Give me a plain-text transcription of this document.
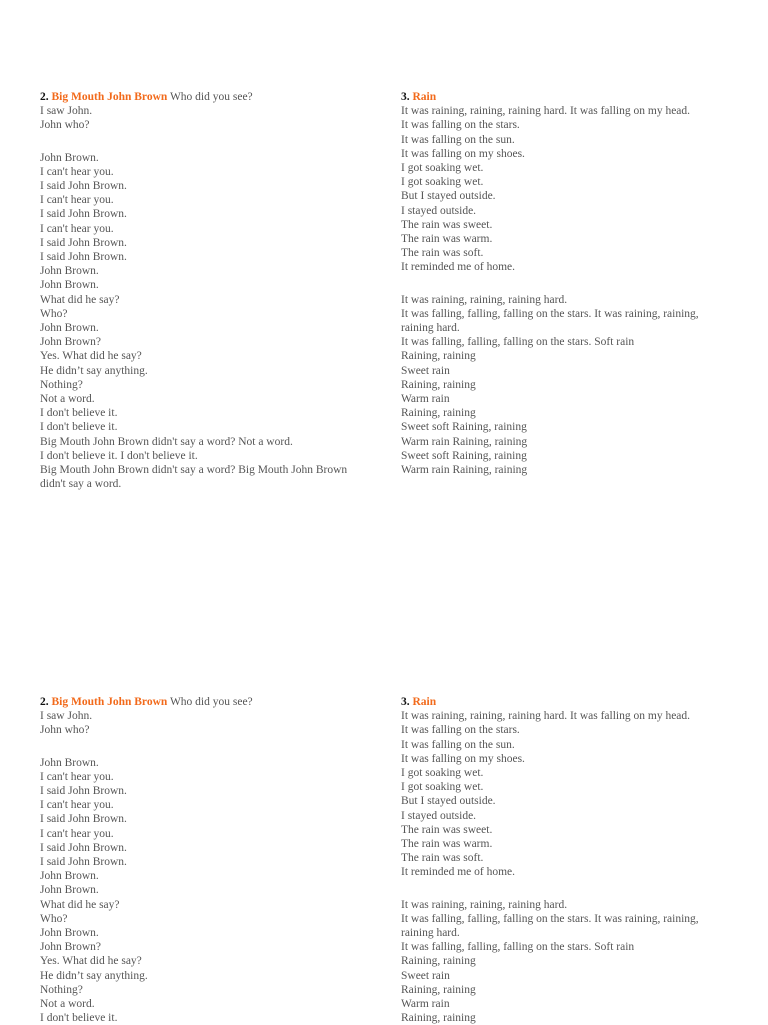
2. Big Mouth John Brown Who did you see?
I saw John.
John who?
John Brown.
I can't hear you.
I said John Brown.
I can't hear you.
I said John Brown.
I can't hear you.
I said John Brown.
I said John Brown.
John Brown.
John Brown.
What did he say?
Who?
John Brown.
John Brown?
Yes. What did he say?
He didn’t say anything.
Nothing?
Not a word.
I don't believe it.
I don't believe it.
Big Mouth John Brown didn't say a word? Not a word.
I don't believe it. I don't believe it.
Big Mouth John Brown didn't say a word? Big Mouth John Brown didn't say a word.
3. Rain
It was raining, raining, raining hard. It was falling on my head.
It was falling on the stars.
It was falling on the sun.
It was falling on my shoes.
I got soaking wet.
I got soaking wet.
But I stayed outside.
I stayed outside.
The rain was sweet.
The rain was warm.
The rain was soft.
It reminded me of home.
It was raining, raining, raining hard.
It was falling, falling, falling on the stars. It was raining, raining, raining hard.
It was falling, falling, falling on the stars. Soft rain
Raining, raining
Sweet rain
Raining, raining
Warm rain
Raining, raining
Sweet soft Raining, raining
Warm rain Raining, raining
Sweet soft Raining, raining
Warm rain Raining, raining
2. Big Mouth John Brown Who did you see?
I saw John.
John who?
John Brown.
I can't hear you.
I said John Brown.
I can't hear you.
I said John Brown.
I can't hear you.
I said John Brown.
I said John Brown.
John Brown.
John Brown.
What did he say?
Who?
John Brown.
John Brown?
Yes. What did he say?
He didn’t say anything.
Nothing?
Not a word.
I don't believe it.
3. Rain
It was raining, raining, raining hard. It was falling on my head.
It was falling on the stars.
It was falling on the sun.
It was falling on my shoes.
I got soaking wet.
I got soaking wet.
But I stayed outside.
I stayed outside.
The rain was sweet.
The rain was warm.
The rain was soft.
It reminded me of home.
It was raining, raining, raining hard.
It was falling, falling, falling on the stars. It was raining, raining, raining hard.
It was falling, falling, falling on the stars. Soft rain
Raining, raining
Sweet rain
Raining, raining
Warm rain
Raining, raining
